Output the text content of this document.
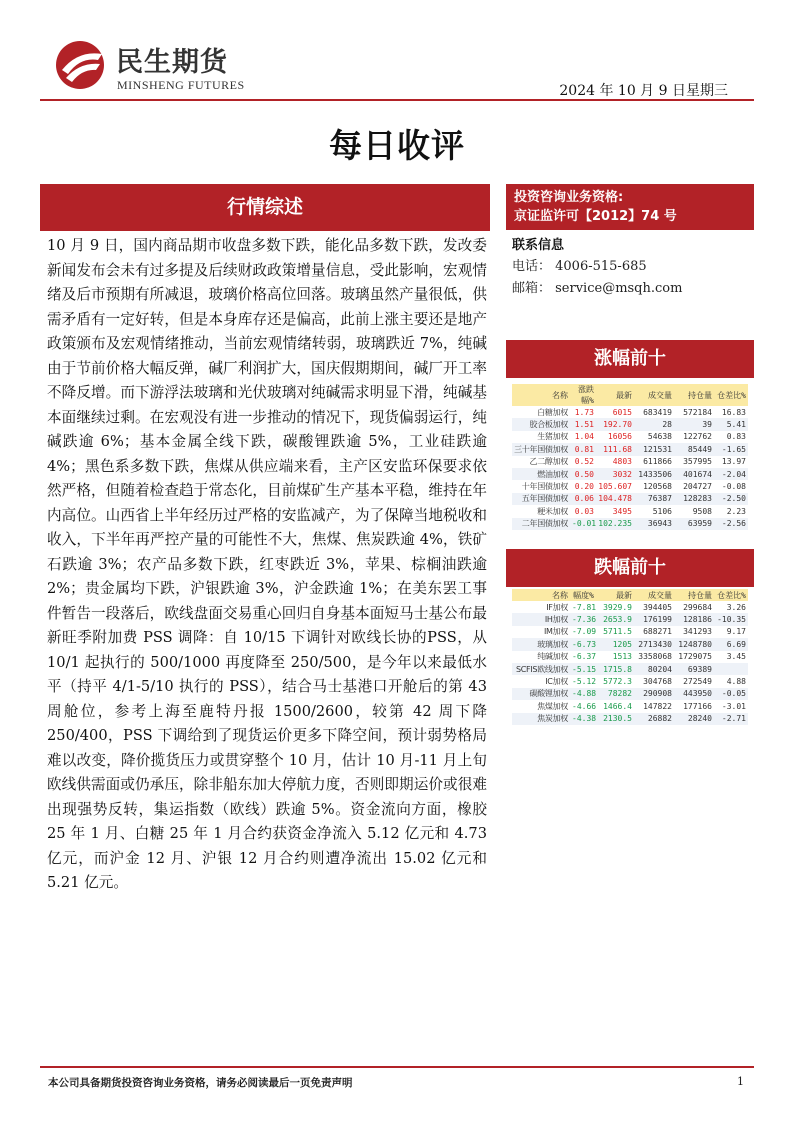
民生期货
MINSHENG FUTURES	2024 年 10 月 9 日星期三
每日收评
行情综述
10 月 9 日，国内商品期市收盘多数下跌，能化品多数下跌，发改委新闻发布会未有过多提及后续财政政策增量信息，受此影响，宏观情绪及后市预期有所减退，玻璃价格高位回落。玻璃虽然产量很低，供需矛盾有一定好转，但是本身库存还是偏高，此前上涨主要还是地产政策颁布及宏观情绪推动，当前宏观情绪转弱，玻璃跌近 7%，纯碱由于节前价格大幅反弹，碱厂利润扩大，国庆假期期间，碱厂开工率不降反增。而下游浮法玻璃和光伏玻璃对纯碱需求明显下滑，纯碱基本面继续过剩。在宏观没有进一步推动的情况下，现货偏弱运行，纯碱跌逾 6%；基本金属全线下跌，碳酸锂跌逾 5%，工业硅跌逾 4%；黑色系多数下跌，焦煤从供应端来看，主产区安监环保要求依然严格，但随着检查趋于常态化，目前煤矿生产基本平稳，维持在年内高位。山西省上半年经历过严格的安监减产，为了保障当地税收和收入，下半年再严控产量的可能性不大，焦煤、焦炭跌逾 4%，铁矿石跌逾 3%；农产品多数下跌，红枣跌近 3%，苹果、棕榈油跌逾 2%；贵金属均下跌，沪银跌逾 3%，沪金跌逾 1%；在美东罢工事件暂告一段落后，欧线盘面交易重心回归自身基本面短马士基公布最新旺季附加费 PSS 调降：自 10/15 下调针对欧线长协的PSS，从 10/1 起执行的 500/1000 再度降至 250/500，是今年以来最低水平（持平 4/1-5/10 执行的 PSS），结合马士基港口开舱后的第 43 周舱位，参考上海至鹿特丹报 1500/2600，较第 42 周下降 250/400，PSS 下调给到了现货运价更多下降空间，预计弱势格局难以改变，降价揽货压力或贯穿整个 10 月，估计 10 月-11 月上旬欧线供需面或仍承压，除非船东加大停航力度，否则即期运价或很难出现强势反转，集运指数（欧线）跌逾 5%。资金流向方面，橡胶 25 年 1 月、白糖 25 年 1 月合约获资金净流入 5.12 亿元和 4.73 亿元，而沪金 12 月、沪银 12 月合约则遭净流出 15.02 亿元和 5.21 亿元。
投资咨询业务资格:
京证监许可【2012】74 号
联系信息
电话： 4006-515-685
邮箱： service@msqh.com
涨幅前十
名称	涨跌幅%	最新	成交量	持仓量	仓差比%
白糖加权	1.73	6015	683419	572184	16.83
胶合板加权	1.51	192.70	28	39	5.41
生猪加权	1.04	16056	54638	122762	0.83
三十年国债加权	0.81	111.68	121531	85449	-1.65
乙二醇加权	0.52	4803	611866	357995	13.97
燃油加权	0.50	3032	1433506	401674	-2.04
十年国债加权	0.20	105.607	120568	204727	-0.08
五年国债加权	0.06	104.478	76387	128283	-2.50
粳米加权	0.03	3495	5106	9508	2.23
二年国债加权	-0.01	102.235	36943	63959	-2.56
跌幅前十
名称	幅度%	最新	成交量	持仓量	仓差比%
IF加权	-7.81	3929.9	394405	299684	3.26
IH加权	-7.36	2653.9	176199	128186	-10.35
IM加权	-7.09	5711.5	688271	341293	9.17
玻璃加权	-6.73	1205	2713430	1248780	6.69
纯碱加权	-6.37	1513	3358068	1729075	3.45
SCFIS欧线加权	-5.15	1715.8	80204	69389	
IC加权	-5.12	5772.3	304768	272549	4.88
碳酸锂加权	-4.88	78282	290908	443950	-0.05
焦煤加权	-4.66	1466.4	147822	177166	-3.01
焦炭加权	-4.38	2130.5	26882	28240	-2.71
本公司具备期货投资咨询业务资格，请务必阅读最后一页免责声明	1
